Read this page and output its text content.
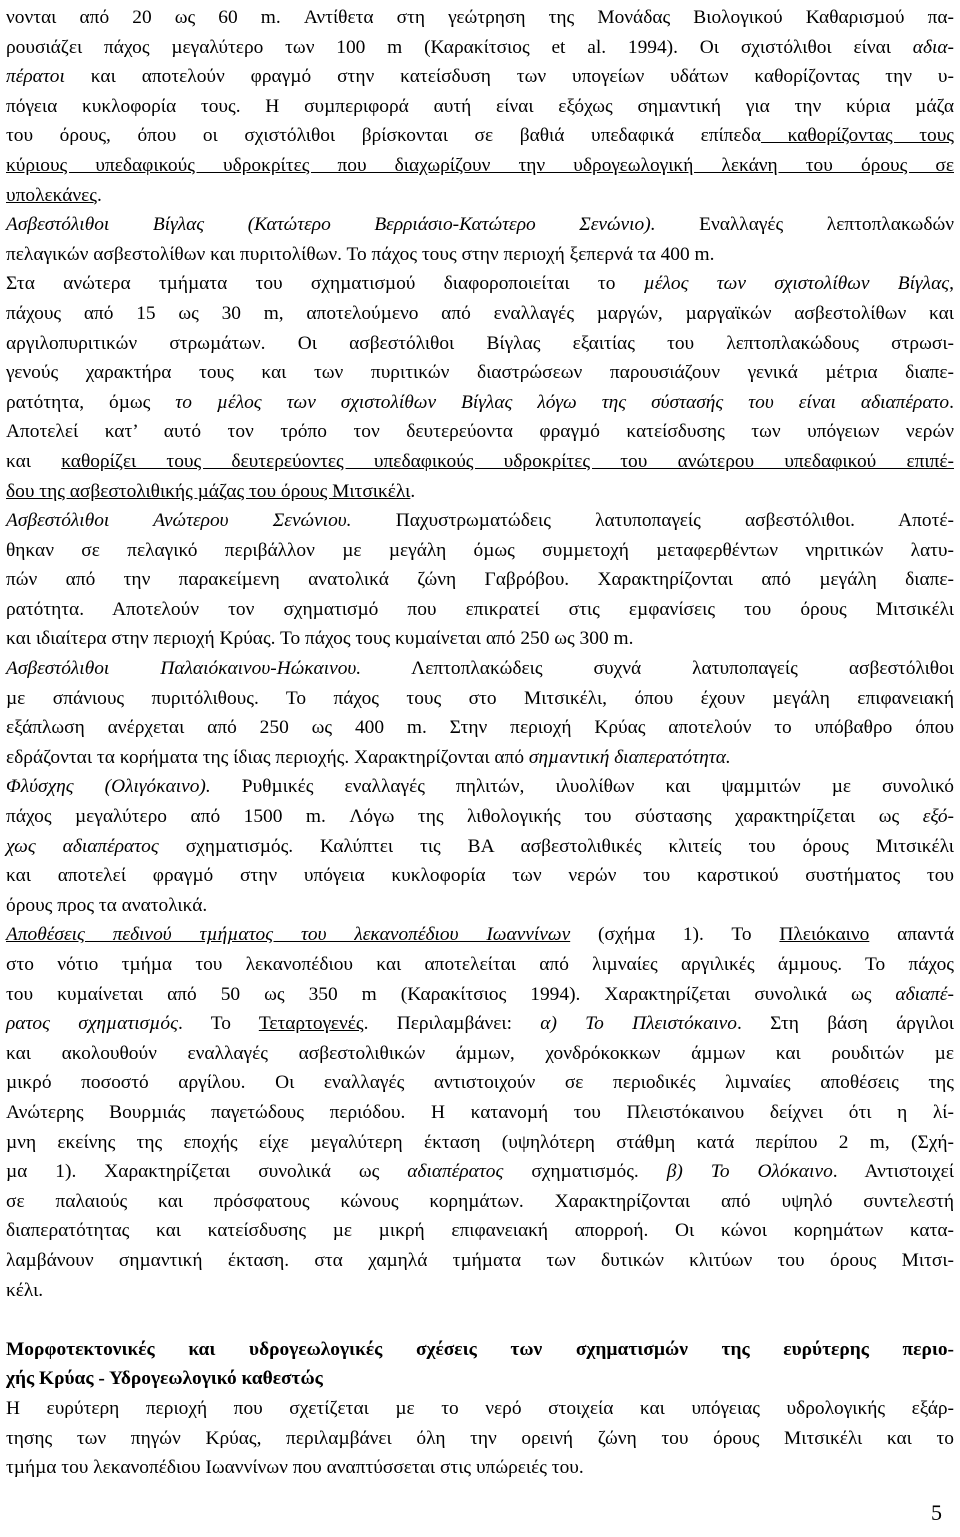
νονται από 20 ως 60 m. Αντίθετα στη γεώτρηση της Μονάδας Βιολογικού Καθαρισµού πα-
ρουσιάζει πάχος µεγαλύτερο των 100 m (Καρακίτσιος et al. 1994). Οι σχιστόλιθοι είναι αδια-
πέρατοι και αποτελούν φραγµό στην κατείσδυση των υπογείων υδάτων καθορίζοντας την υ-
πόγεια κυκλοφορία τους. Η συµπεριφορά αυτή είναι εξόχως σηµαντική για την κύρια µάζα
του όρους, όπου οι σχιστόλιθοι βρίσκονται σε βαθιά υπεδαφικά επίπεδα καθορίζοντας τους
κύριους υπεδαφικούς υδροκρίτες που διαχωρίζουν την υδρογεωλογική λεκάνη του όρους σε
υπολεκάνες.
Ασβεστόλιθοι Βίγλας (Κατώτερο Βερριάσιο-Κατώτερο Σενώνιο). Εναλλαγές λεπτοπλακωδών
πελαγικών ασβεστολίθων και πυριτολίθων. Το πάχος τους στην περιοχή ξεπερνά τα 400 m.
Στα ανώτερα τµήµατα του σχηµατισµού διαφοροποιείται το µέλος των σχιστολίθων Βίγλας,
πάχους από 15 ως 30 m, αποτελούµενο από εναλλαγές µαργών, µαργαϊκών ασβεστολίθων και
αργιλοπυριτικών στρωµάτων. Οι ασβεστόλιθοι Βίγλας εξαιτίας του λεπτοπλακώδους στρωσι-
γενούς χαρακτήρα τους και των πυριτικών διαστρώσεων παρουσιάζουν γενικά µέτρια διαπε-
ρατότητα, όµως το µέλος των σχιστολίθων Βίγλας λόγω της σύστασής του είναι αδιαπέρατο.
Αποτελεί κατ’ αυτό τον τρόπο τον δευτερεύοντα φραγµό κατείσδυσης των υπόγειων νερών
και καθορίζει τους δευτερεύοντες υπεδαφικούς υδροκρίτες του ανώτερου υπεδαφικού επιπέ-
δου της ασβεστολιθικής µάζας του όρους Μιτσικέλι.
Ασβεστόλιθοι Ανώτερου Σενώνιου. Παχυστρωµατώδεις λατυποπαγείς ασβεστόλιθοι. Αποτέ-
θηκαν σε πελαγικό περιβάλλον µε µεγάλη όµως συµµετοχή µεταφερθέντων νηριτικών λατυ-
πών από την παρακείµενη ανατολικά ζώνη Γαβρόβου. Χαρακτηρίζονται από µεγάλη διαπε-
ρατότητα. Αποτελούν τον σχηµατισµό που επικρατεί στις εµφανίσεις του όρους Μιτσικέλι
και ιδιαίτερα στην περιοχή Κρύας. Το πάχος τους κυµαίνεται από 250 ως 300 m.
Ασβεστόλιθοι Παλαιόκαινου-Ηώκαινου. Λεπτοπλακώδεις συχνά λατυποπαγείς ασβεστόλιθοι
µε σπάνιους πυριτόλιθους. Το πάχος τους στο Μιτσικέλι, όπου έχουν µεγάλη επιφανειακή
εξάπλωση ανέρχεται από 250 ως 400 m. Στην περιοχή Κρύας αποτελούν το υπόβαθρο όπου
εδράζονται τα κορήµατα της ίδιας περιοχής. Χαρακτηρίζονται από σηµαντική διαπερατότητα.
Φλύσχης (Ολιγόκαινο). Ρυθµικές εναλλαγές πηλιτών, ιλυολίθων και ψαµµιτών µε συνολικό
πάχος µεγαλύτερο από 1500 m. Λόγω της λιθολογικής του σύστασης χαρακτηρίζεται ως εξό-
χως αδιαπέρατος σχηµατισµός. Καλύπτει τις ΒΑ ασβεστολιθικές κλιτείς του όρους Μιτσικέλι
και αποτελεί φραγµό στην υπόγεια κυκλοφορία των νερών του καρστικού συστήµατος του
όρους προς τα ανατολικά.
Αποθέσεις πεδινού τµήµατος του λεκανοπέδιου Ιωαννίνων (σχήµα 1). Το Πλειόκαινο απαντά
στο νότιο τµήµα του λεκανοπέδιου και αποτελείται από λιµναίες αργιλικές άµµους. Το πάχος
του κυµαίνεται από 50 ως 350 m (Καρακίτσιος 1994). Χαρακτηρίζεται συνολικά ως αδιαπέ-
ρατος σχηµατισµός. Το Τεταρτογενές. Περιλαµβάνει: α) Το Πλειστόκαινο. Στη βάση άργιλοι
και ακολουθούν εναλλαγές ασβεστολιθικών άµµων, χονδρόκοκκων άµµων και ρουδιτών µε
µικρό ποσοστό αργίλου. Οι εναλλαγές αντιστοιχούν σε περιοδικές λιµναίες αποθέσεις της
Ανώτερης Βουρµιάς παγετώδους περιόδου. Η κατανοµή του Πλειστόκαινου δείχνει ότι η λί-
µνη εκείνης της εποχής είχε µεγαλύτερη έκταση (υψηλότερη στάθµη κατά περίπου 2 m, (Σχή-
µα 1). Χαρακτηρίζεται συνολικά ως αδιαπέρατος σχηµατισµός. β) Το Ολόκαινο. Αντιστοιχεί
σε παλαιούς και πρόσφατους κώνους κορηµάτων. Χαρακτηρίζονται από υψηλό συντελεστή
διαπερατότητας και κατείσδυσης µε µικρή επιφανειακή απορροή. Οι κώνοι κορηµάτων κατα-
λαµβάνουν σηµαντική έκταση. στα χαµηλά τµήµατα των δυτικών κλιτύων του όρους Μιτσι-
κέλι.
Μορφοτεκτονικές και υδρογεωλογικές σχέσεις των σχηµατισµών της ευρύτερης περιο-
χής Κρύας - Υδρογεωλογικό καθεστώς
Η ευρύτερη περιοχή που σχετίζεται µε το νερό στοιχεία και υπόγειας υδρολογικής εξάρ-
τησης των πηγών Κρύας, περιλαµβάνει όλη την ορεινή ζώνη του όρους Μιτσικέλι και το
τµήµα του λεκανοπέδιου Ιωαννίνων που αναπτύσσεται στις υπώρειές του.
5
